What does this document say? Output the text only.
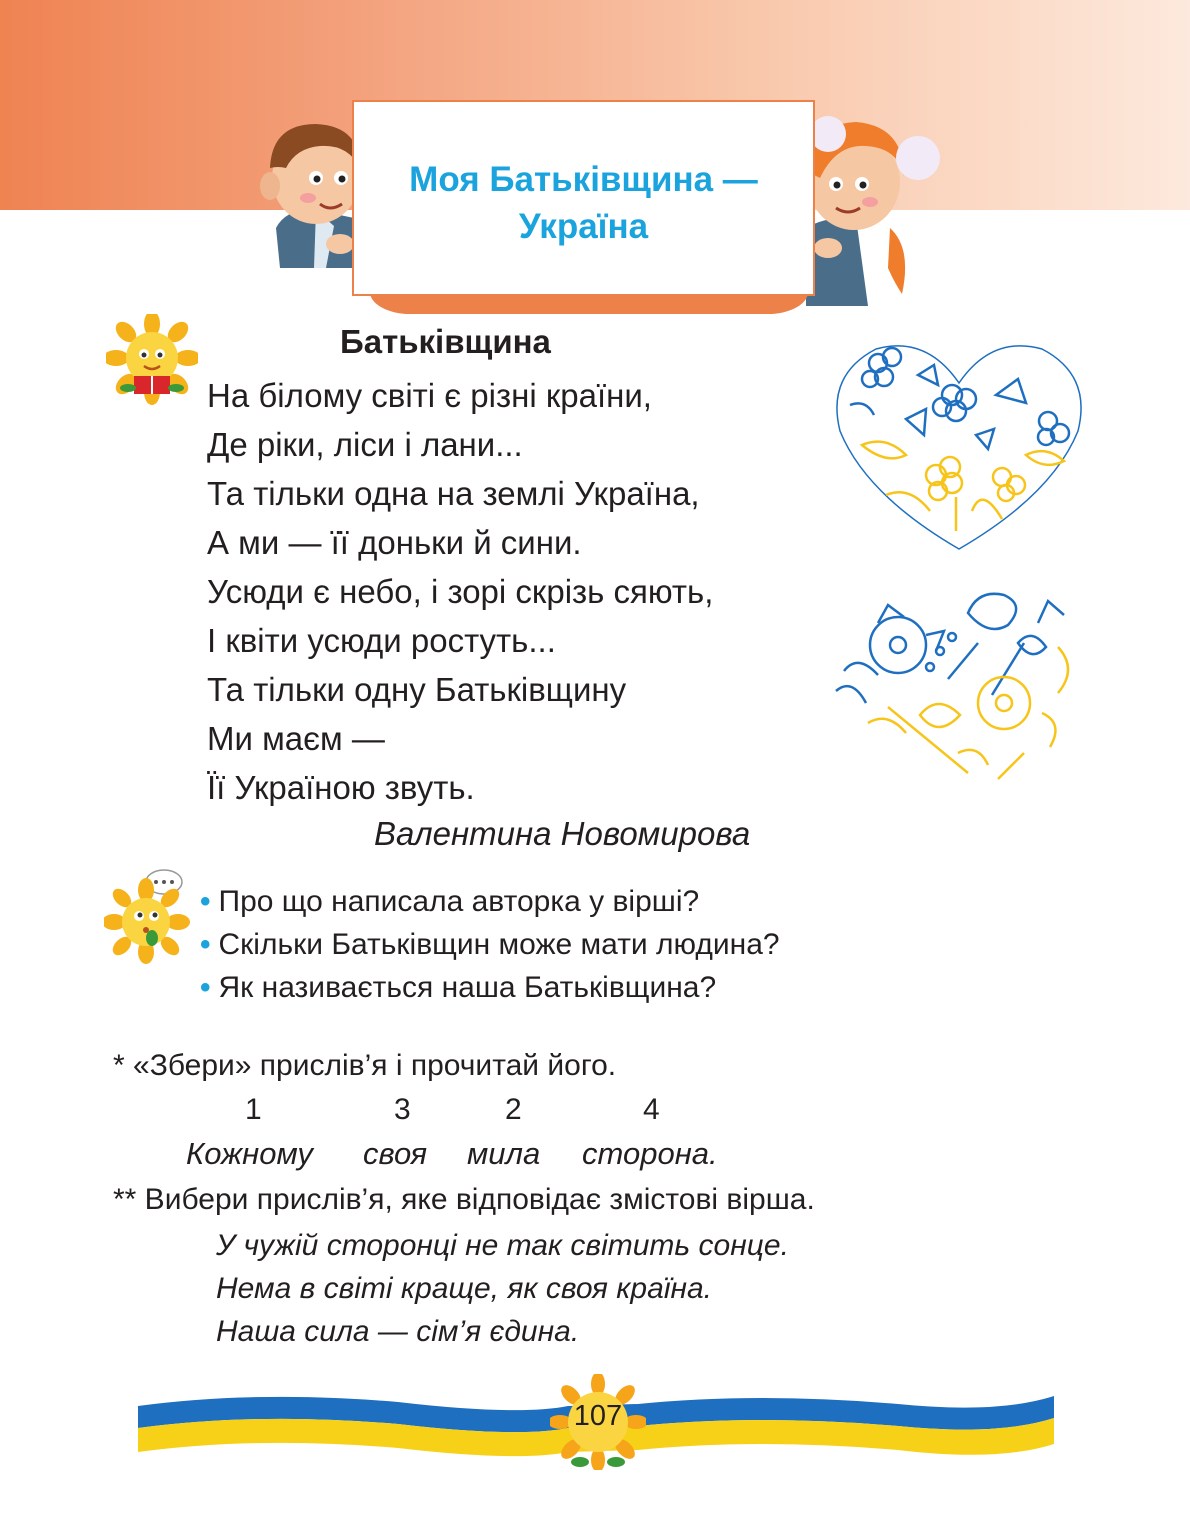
Моя Батьківщина —
Україна
Батьківщина
На білому світі є різні країни,
Де ріки, ліси і лани...
Та тільки одна на землі Україна,
А ми — її доньки й сини.
Усюди є небо, і зорі скрізь сяють,
І квіти усюди ростуть...
Та тільки одну Батьківщину
Ми маєм —
Її Україною звуть.
Валентина Новомирова
• Про що написала авторка у вірші?
• Скільки Батьківщин може мати людина?
• Як називається наша Батьківщина?
* «Збери» прислів’я і прочитай його.
1	3	2	4
Кожному своя мила сторона.
** Вибери прислів’я, яке відповідає змістові вірша.
У чужій сторонці не так світить сонце.
Нема в світі краще, як своя країна.
Наша сила — сім’я єдина.
107
